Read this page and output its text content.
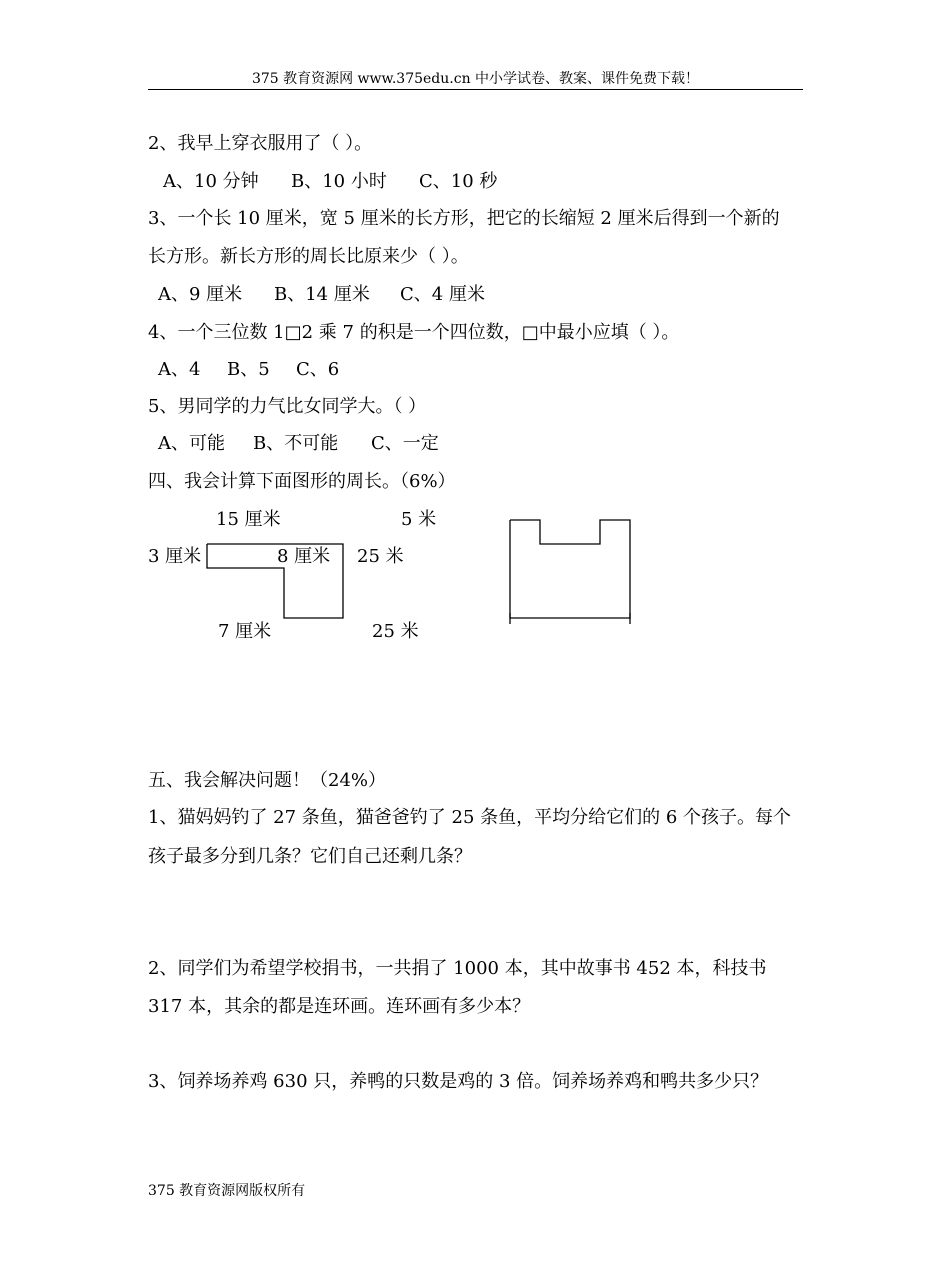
375 教育资源网 www.375edu.cn 中小学试卷、教案、课件免费下载！
2、我早上穿衣服用了（ ）。
A、10 分钟 B、10 小时 C、10 秒
3、一个长 10 厘米，宽 5 厘米的长方形，把它的长缩短 2 厘米后得到一个新的
长方形。新长方形的周长比原来少（ ）。
A、9 厘米 B、14 厘米 C、4 厘米
4、一个三位数 1□2 乘 7 的积是一个四位数，□中最小应填（ ）。
A、4 B、5 C、6
5、男同学的力气比女同学大。（ ）
A、可能 B、不可能 C、一定
四、我会计算下面图形的周长。（6%）
15 厘米
3 厘米	8 厘米
7 厘米
5 米
25 米
25 米
五、我会解决问题！（24%）
1、猫妈妈钓了 27 条鱼，猫爸爸钓了 25 条鱼，平均分给它们的 6 个孩子。每个
孩子最多分到几条？它们自己还剩几条？
2、同学们为希望学校捐书，一共捐了 1000 本，其中故事书 452 本，科技书
317 本，其余的都是连环画。连环画有多少本？
3、饲养场养鸡 630 只，养鸭的只数是鸡的 3 倍。饲养场养鸡和鸭共多少只？
375 教育资源网版权所有
